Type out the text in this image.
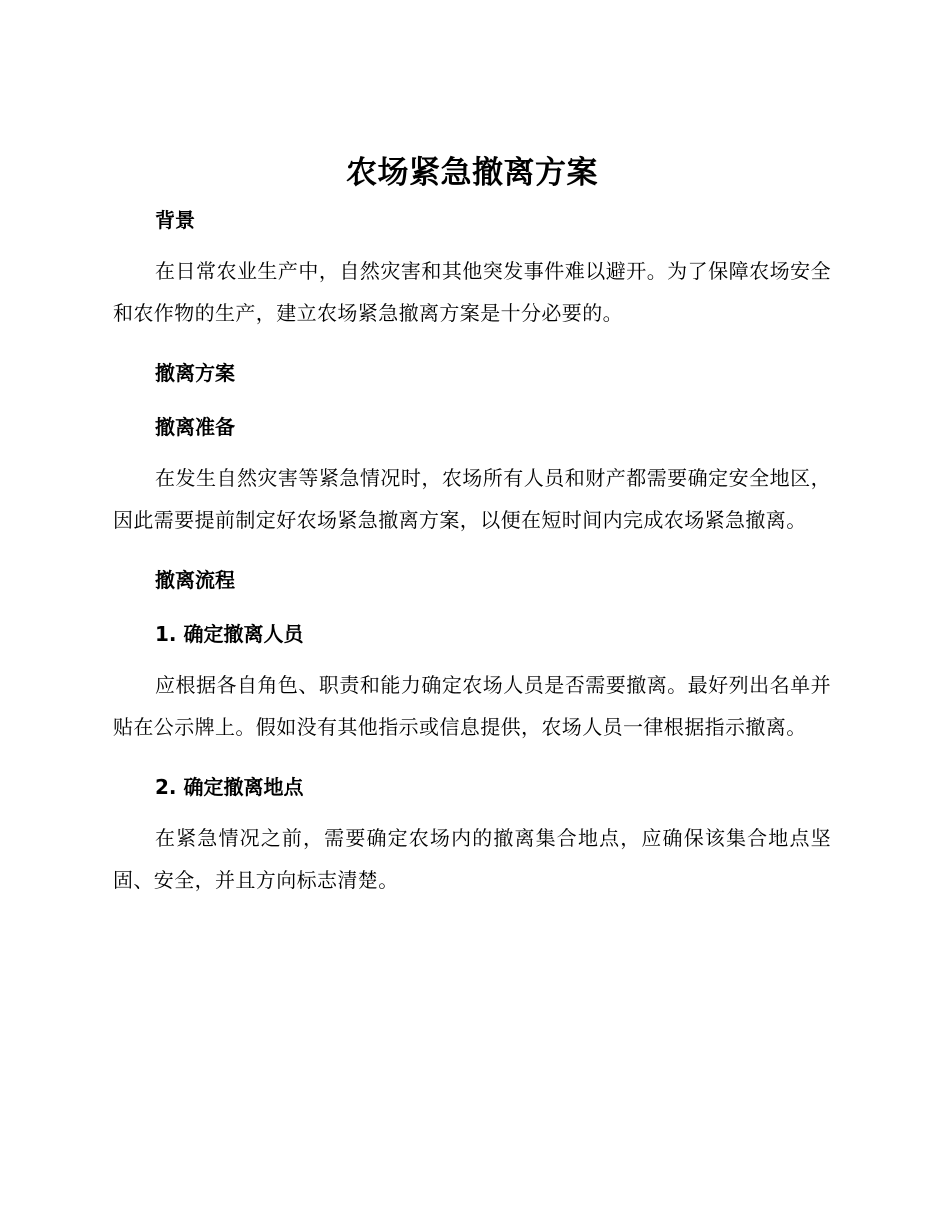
农场紧急撤离方案
背景

在日常农业生产中，自然灾害和其他突发事件难以避开。为了保障农场安全和农作物的生产，建立农场紧急撤离方案是十分必要的。

撤离方案
撤离准备

在发生自然灾害等紧急情况时，农场所有人员和财产都需要确定安全地区，因此需要提前制定好农场紧急撤离方案，以便在短时间内完成农场紧急撤离。

撤离流程
1. 确定撤离人员

应根据各自角色、职责和能力确定农场人员是否需要撤离。最好列出名单并贴在公示牌上。假如没有其他指示或信息提供，农场人员一律根据指示撤离。

2. 确定撤离地点

在紧急情况之前，需要确定农场内的撤离集合地点，应确保该集合地点坚固、安全，并且方向标志清楚。
